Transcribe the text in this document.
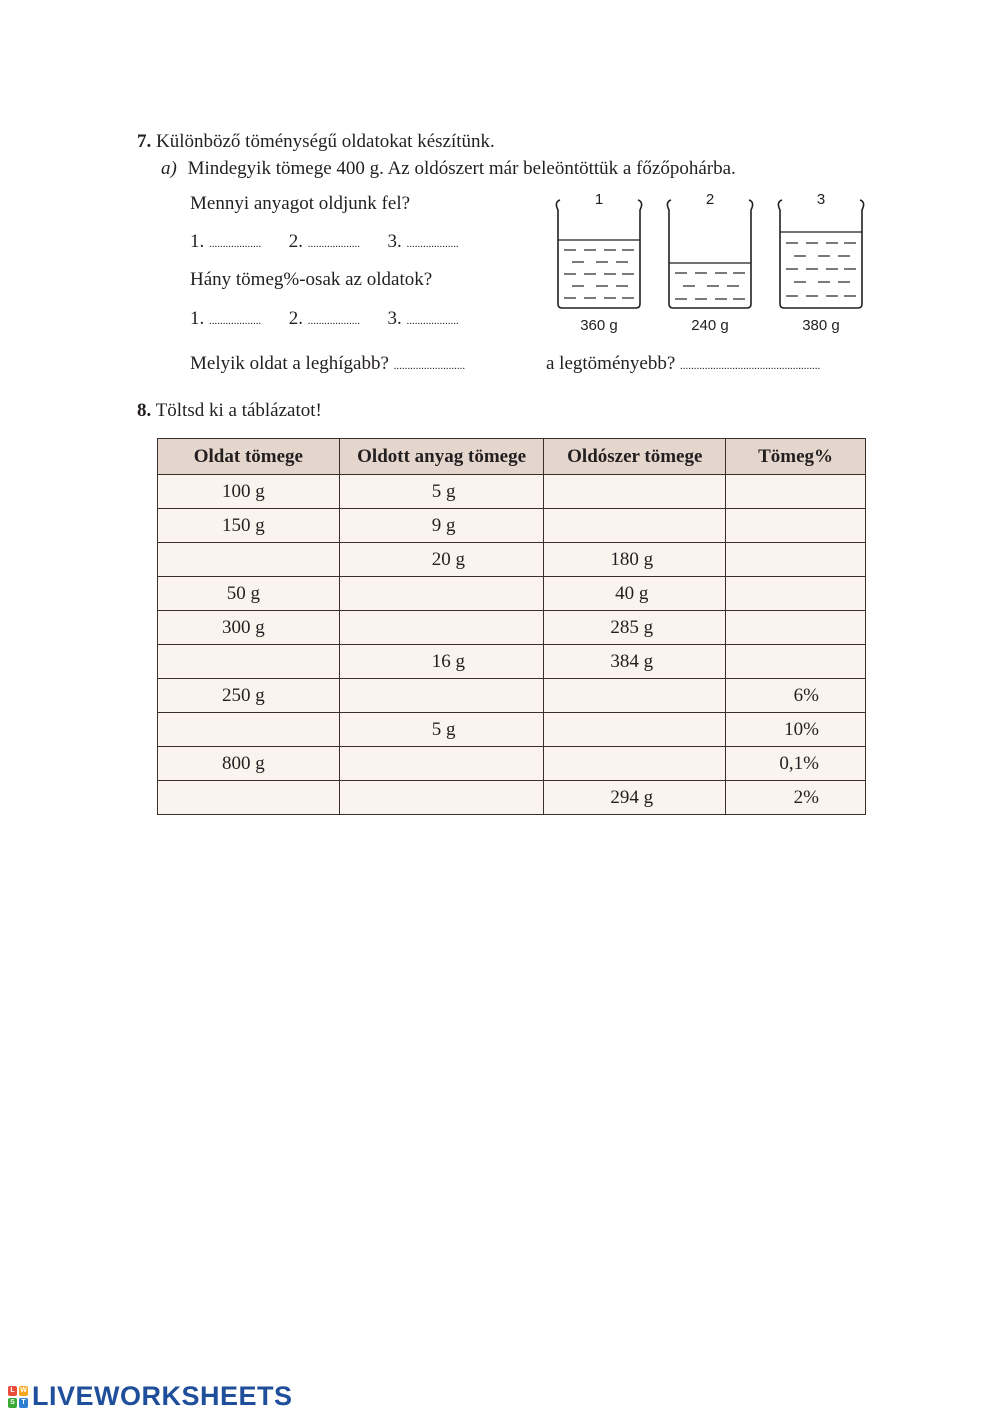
7. Különböző töménységű oldatokat készítünk.
a) Mindegyik tömege 400 g. Az oldószert már beleöntöttük a főzőpohárba.
Mennyi anyagot oldjunk fel?
1. ................... 2. ................... 3. ...................
Hány tömeg%-osak az oldatok?
1. ................... 2. ................... 3. ...................
Melyik oldat a leghígabb? ..........................	a legtöményebb? ...................................................
1
360 g
2
240 g
3
380 g
8. Töltsd ki a táblázatot!
Oldat tömege	Oldott anyag tömege	Oldószer tömege	Tömeg%
100 g	5 g		
150 g	9 g		
	20 g	180 g	
50 g		40 g	
300 g		285 g	
	16 g	384 g	
250 g			6%
	5 g		10%
800 g			0,1%
		294 g	2%
L W
S T LIVEWORKSHEETS
